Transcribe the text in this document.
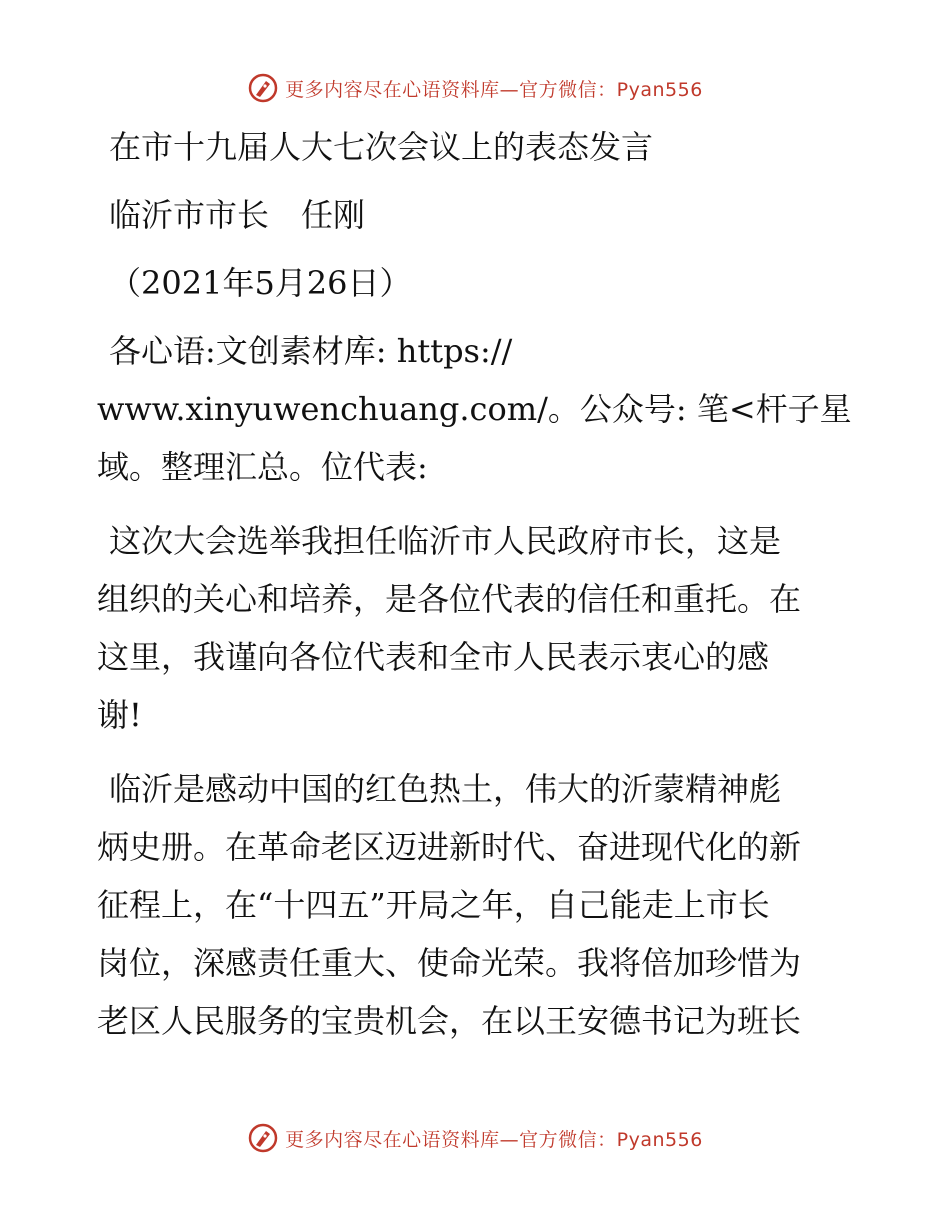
更多内容尽在心语资料库—官方微信：Pyan556

在市十九届人大七次会议上的表态发言

临沂市市长　任刚

（2021年5月26日）

各心语:文创素材库: https://

www.xinyuwenchuang.com/。公众号: 笔<杆子星

域。整理汇总。位代表:

这次大会选举我担任临沂市人民政府市长，这是

组织的关心和培养，是各位代表的信任和重托。在

这里，我谨向各位代表和全市人民表示衷心的感

谢!

临沂是感动中国的红色热土，伟大的沂蒙精神彪

炳史册。在革命老区迈进新时代、奋进现代化的新

征程上，在“十四五”开局之年，自己能走上市长

岗位，深感责任重大、使命光荣。我将倍加珍惜为

老区人民服务的宝贵机会，在以王安德书记为班长

更多内容尽在心语资料库—官方微信：Pyan556
